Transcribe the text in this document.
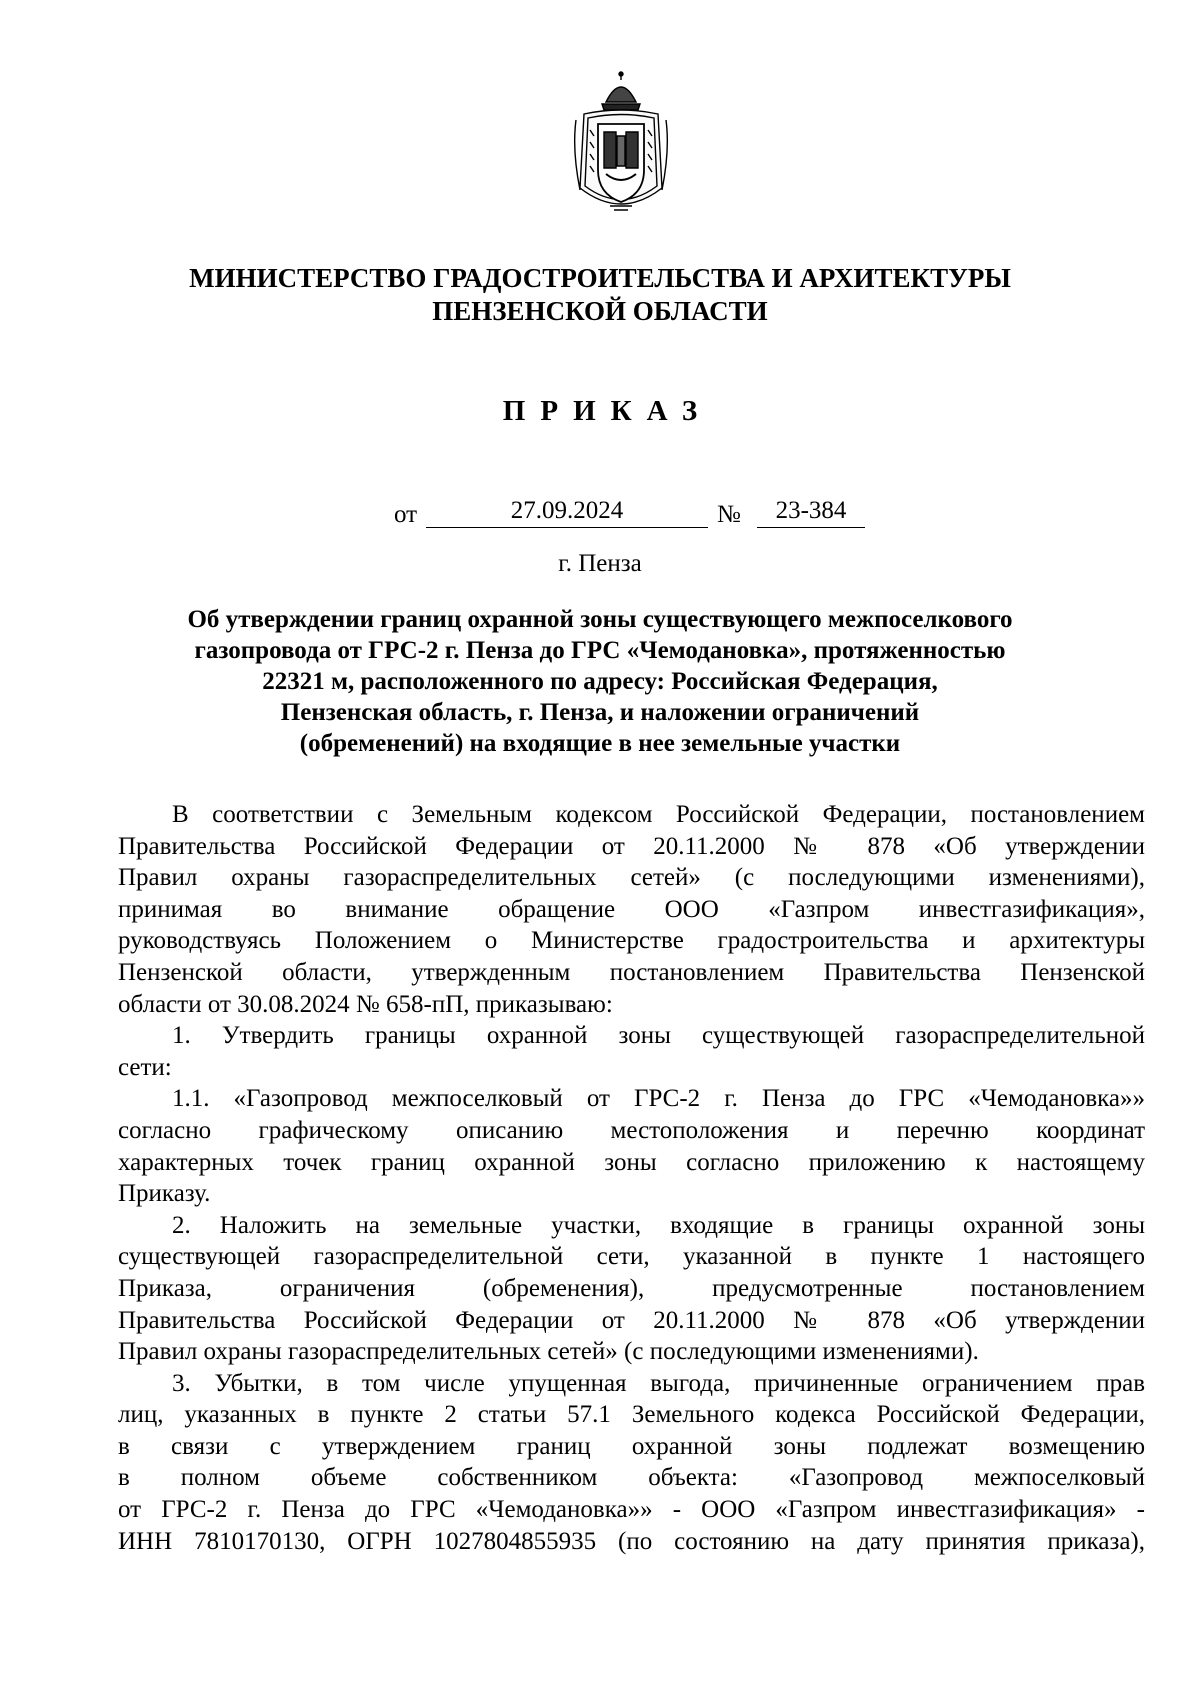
МИНИСТЕРСТВО ГРАДОСТРОИТЕЛЬСТВА И АРХИТЕКТУРЫ
ПЕНЗЕНСКОЙ ОБЛАСТИ
ПРИКАЗ
от	27.09.2024	№	23-384
г. Пенза
Об утверждении границ охранной зоны существующего межпоселкового
газопровода от ГРС-2 г. Пенза до ГРС «Чемодановка», протяженностью
22321 м, расположенного по адресу: Российская Федерация,
Пензенская область, г. Пенза, и наложении ограничений
(обременений) на входящие в нее земельные участки
В соответствии с Земельным кодексом Российской Федерации, постановлением
Правительства Российской Федерации от 20.11.2000 № 878 «Об утверждении
Правил охраны газораспределительных сетей» (с последующими изменениями),
принимая во внимание обращение ООО «Газпром инвестгазификация»,
руководствуясь Положением о Министерстве градостроительства и архитектуры
Пензенской области, утвержденным постановлением Правительства Пензенской
области от 30.08.2024 № 658-пП, приказываю:
1. Утвердить границы охранной зоны существующей газораспределительной
сети:
1.1. «Газопровод межпоселковый от ГРС-2 г. Пенза до ГРС «Чемодановка»»
согласно графическому описанию местоположения и перечню координат
характерных точек границ охранной зоны согласно приложению к настоящему
Приказу.
2. Наложить на земельные участки, входящие в границы охранной зоны
существующей газораспределительной сети, указанной в пункте 1 настоящего
Приказа, ограничения (обременения), предусмотренные постановлением
Правительства Российской Федерации от 20.11.2000 № 878 «Об утверждении
Правил охраны газораспределительных сетей» (с последующими изменениями).
3. Убытки, в том числе упущенная выгода, причиненные ограничением прав
лиц, указанных в пункте 2 статьи 57.1 Земельного кодекса Российской Федерации,
в связи с утверждением границ охранной зоны подлежат возмещению
в полном объеме собственником объекта: «Газопровод межпоселковый
от ГРС-2 г. Пенза до ГРС «Чемодановка»» - ООО «Газпром инвестгазификация» -
ИНН 7810170130, ОГРН 1027804855935 (по состоянию на дату принятия приказа),
